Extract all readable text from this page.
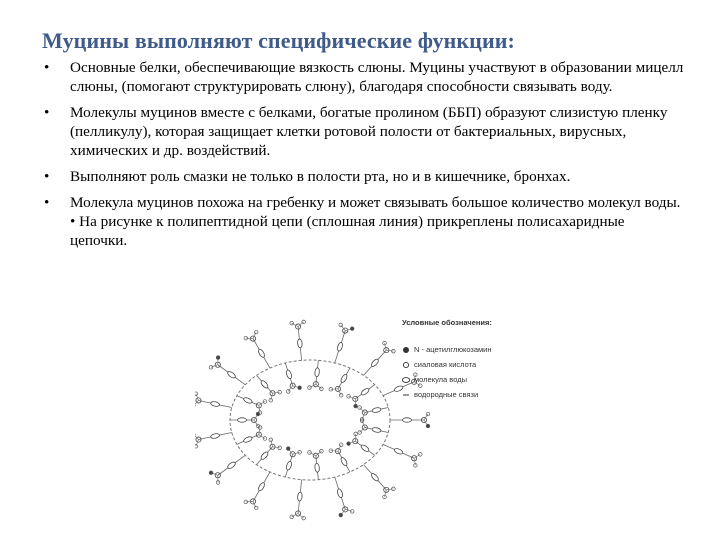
Муцины выполняют специфические функции:
• Основные белки, обеспечивающие вязкость слюны. Муцины участвуют в образовании мицелл слюны, (помогают структурировать слюну), благодаря способности связывать воду.
• Молекулы муцинов вместе с белками, богатые пролином (ББП) образуют слизистую пленку (пелликулу), которая защищает клетки ротовой полости от бактериальных, вирусных, химических и др. воздействий.
• Выполняют роль смазки не только в полости рта, но и в кишечнике, бронхах.
• Молекула муцинов похожа на гребенку и может связывать большое количество молекул воды. • На рисунке к полипептидной цепи (сплошная линия) прикреплены полисахаридные цепочки.
Условные обозначения:
N - ацетилглюкозамин
сиаловая кислота
молекула воды
водородные связи
